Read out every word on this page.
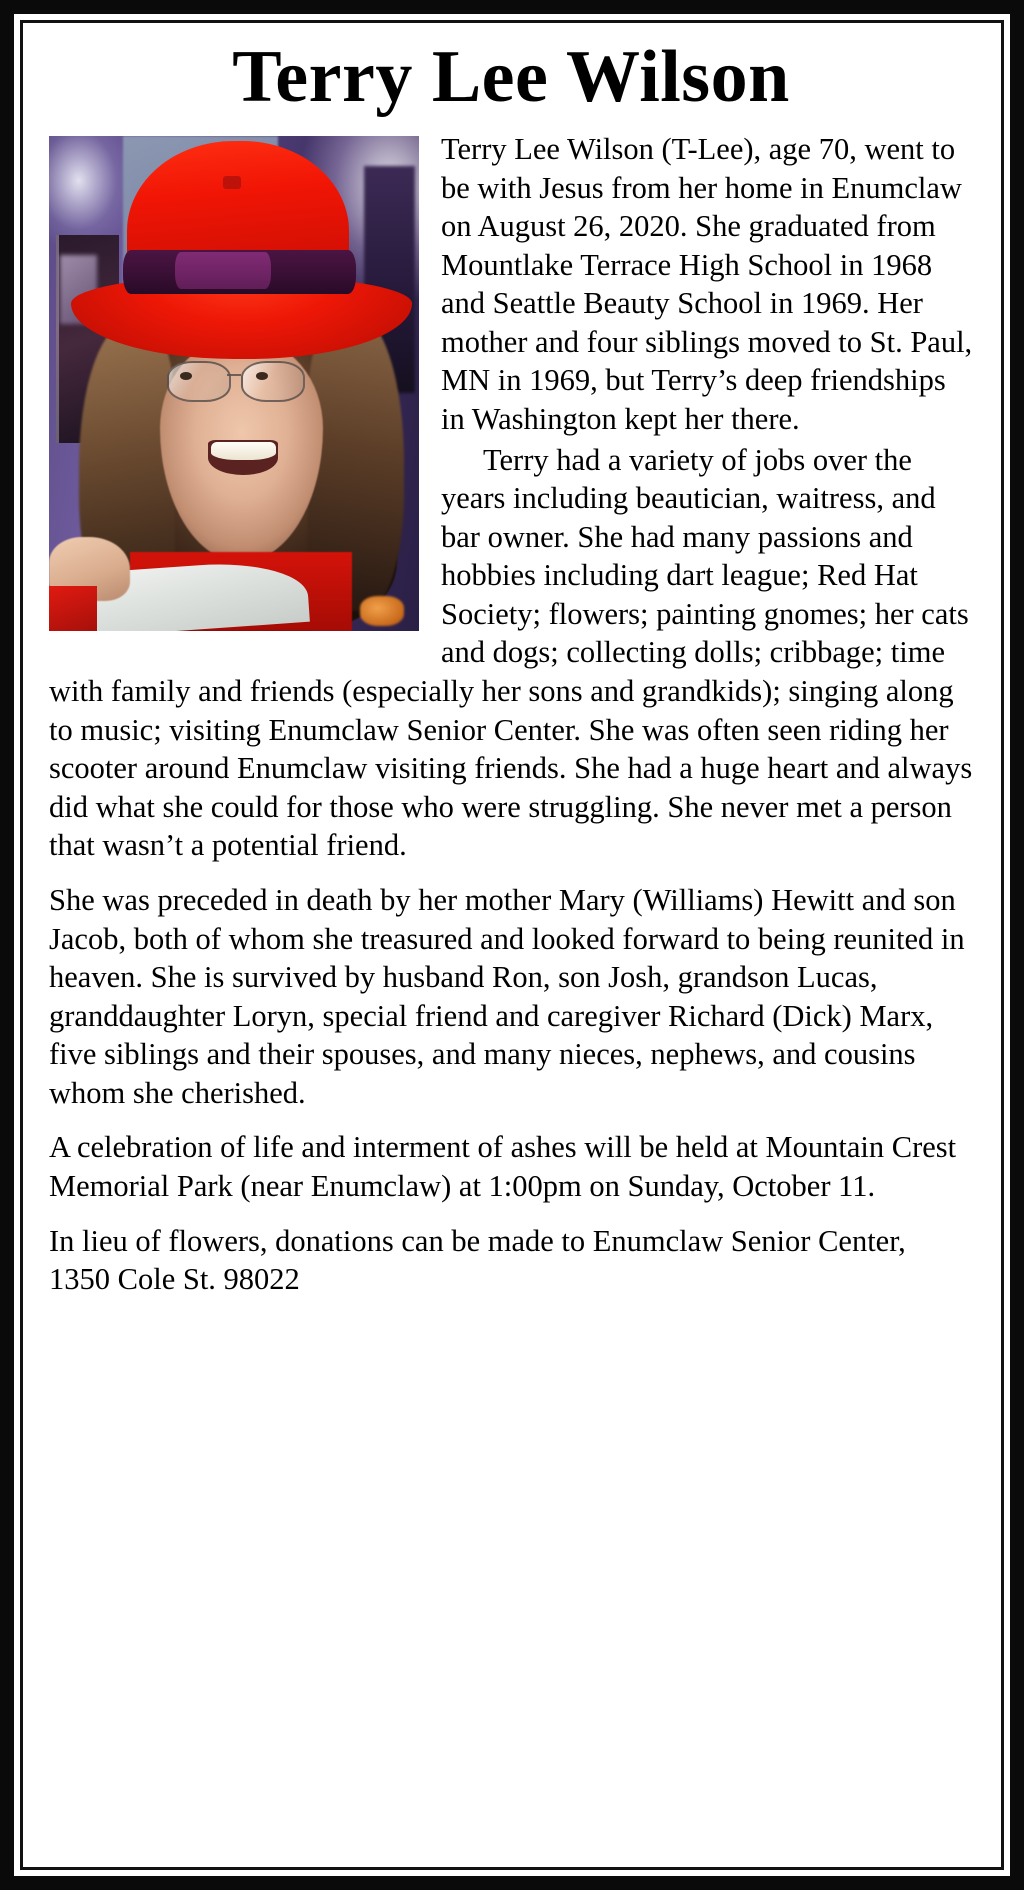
Terry Lee Wilson

Terry Lee Wilson (T-Lee), age 70, went to be with Jesus from her home in Enumclaw on August 26, 2020. She graduated from Mountlake Terrace High School in 1968 and Seattle Beauty School in 1969. Her mother and four siblings moved to St. Paul, MN in 1969, but Terry’s deep friendships in Washington kept her there.

Terry had a variety of jobs over the years including beautician, waitress, and bar owner. She had many passions and hobbies including dart league; Red Hat Society; flowers; painting gnomes; her cats and dogs; collecting dolls; cribbage; time with family and friends (especially her sons and grandkids); singing along to music; visiting Enumclaw Senior Center. She was often seen riding her scooter around Enumclaw visiting friends. She had a huge heart and always did what she could for those who were struggling. She never met a person that wasn’t a potential friend.

She was preceded in death by her mother Mary (Williams) Hewitt and son Jacob, both of whom she treasured and looked forward to being reunited in heaven. She is survived by husband Ron, son Josh, grandson Lucas, granddaughter Loryn, special friend and caregiver Richard (Dick) Marx, five siblings and their spouses, and many nieces, nephews, and cousins whom she cherished.

A celebration of life and interment of ashes will be held at Mountain Crest Memorial Park (near Enumclaw) at 1:00pm on Sunday, October 11.

In lieu of flowers, donations can be made to Enumclaw Senior Center, 1350 Cole St. 98022
